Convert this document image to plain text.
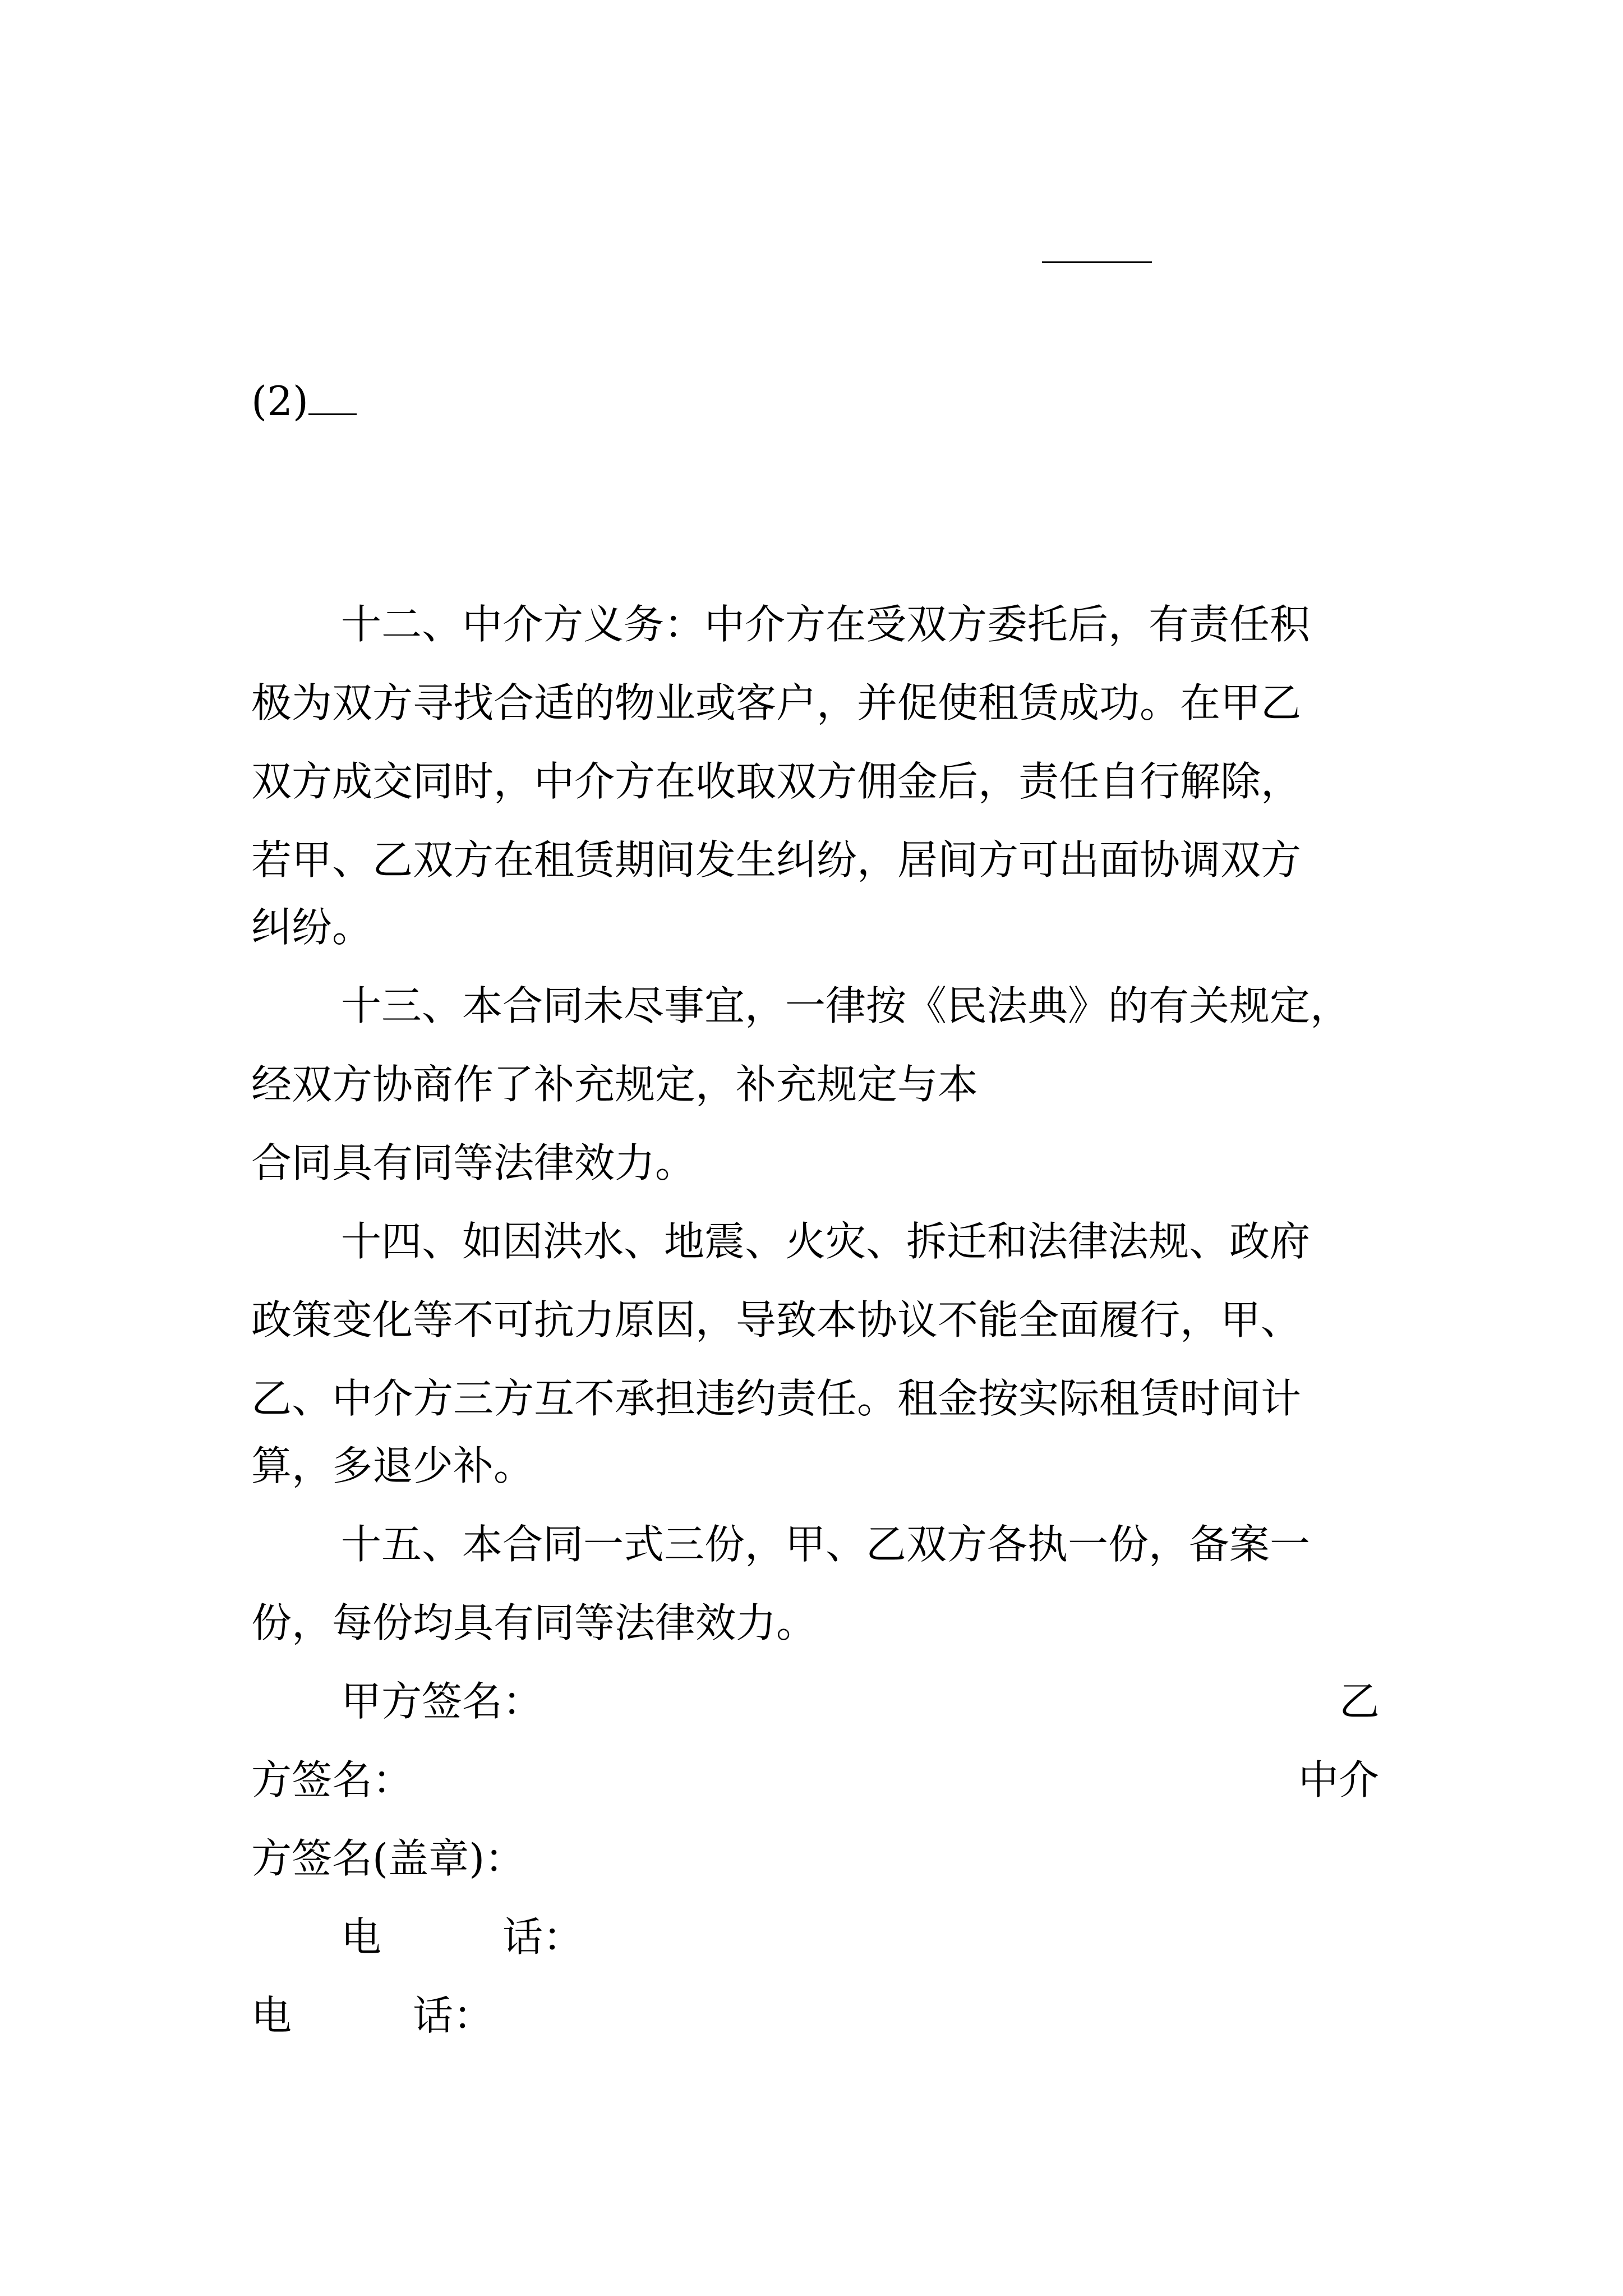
(2)
十二、中介方义务：中介方在受双方委托后，有责任积
极为双方寻找合适的物业或客户，并促使租赁成功。在甲乙
双方成交同时，中介方在收取双方佣金后，责任自行解除，
若甲、乙双方在租赁期间发生纠纷，居间方可出面协调双方
纠纷。
十三、本合同未尽事宜，一律按《民法典》的有关规定，
经双方协商作了补充规定，补充规定与本
合同具有同等法律效力。
十四、如因洪水、地震、火灾、拆迁和法律法规、政府
政策变化等不可抗力原因，导致本协议不能全面履行，甲、
乙、中介方三方互不承担违约责任。租金按实际租赁时间计
算，多退少补。
十五、本合同一式三份，甲、乙双方各执一份，备案一
份，每份均具有同等法律效力。
甲方签名：	乙
方签名：	中介
方签名(盖章)：
电　　　话：
电　　　话：
